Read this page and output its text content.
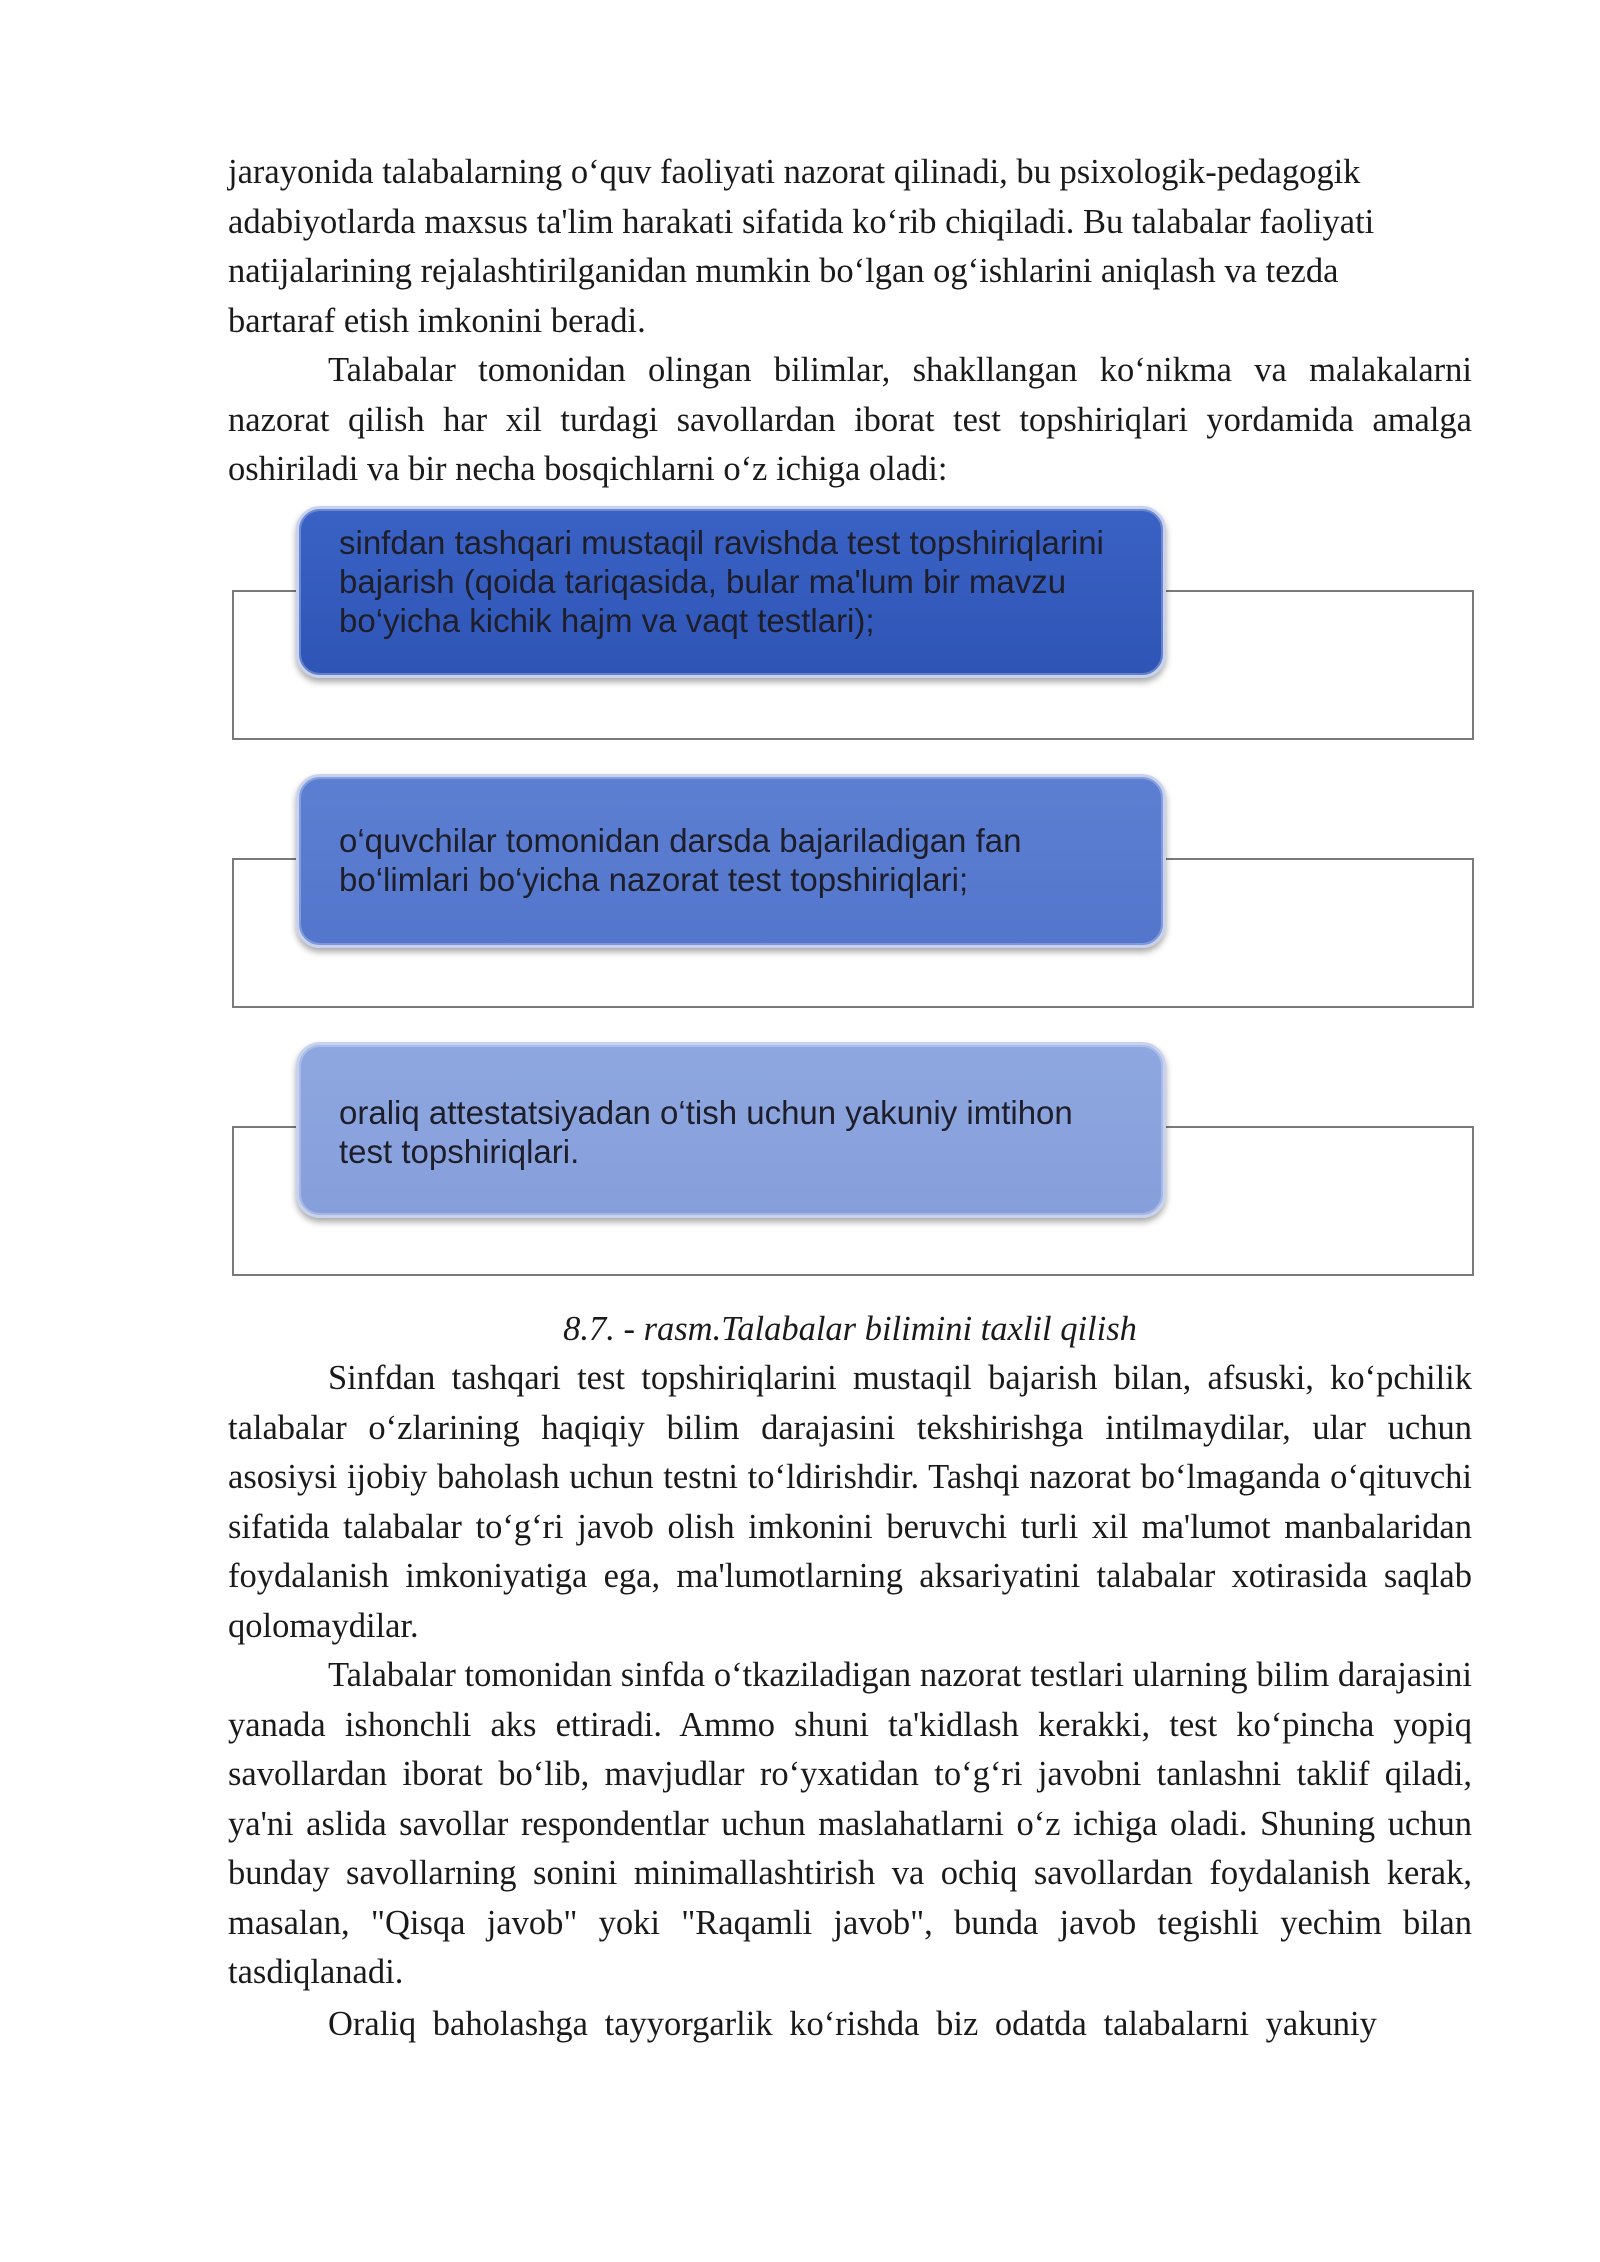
jarayonida talabalarning o‘quv faoliyati nazorat qilinadi, bu psixologik-pedagogik

adabiyotlarda maxsus ta'lim harakati sifatida ko‘rib chiqiladi. Bu talabalar faoliyati

natijalarining rejalashtirilganidan mumkin bo‘lgan og‘ishlarini aniqlash va tezda

bartaraf etish imkonini beradi.

Talabalar tomonidan olingan bilimlar, shakllangan ko‘nikma va malakalarni nazorat qilish har xil turdagi savollardan iborat test topshiriqlari yordamida amalga oshiriladi va bir necha bosqichlarni o‘z ichiga oladi:

sinfdan tashqari mustaqil ravishda test topshiriqlarini bajarish (qoida tariqasida, bular ma'lum bir mavzu bo‘yicha kichik hajm va vaqt testlari);
o‘quvchilar tomonidan darsda bajariladigan fan bo‘limlari bo‘yicha nazorat test topshiriqlari;
oraliq attestatsiyadan o‘tish uchun yakuniy imtihon test topshiriqlari.
8.7. - rasm.Talabalar bilimini taxlil qilish

Sinfdan tashqari test topshiriqlarini mustaqil bajarish bilan, afsuski, ko‘pchilik talabalar o‘zlarining haqiqiy bilim darajasini tekshirishga intilmaydilar, ular uchun asosiysi ijobiy baholash uchun testni to‘ldirishdir. Tashqi nazorat bo‘lmaganda o‘qituvchi sifatida talabalar to‘g‘ri javob olish imkonini beruvchi turli xil ma'lumot manbalaridan foydalanish imkoniyatiga ega, ma'lumotlarning aksariyatini talabalar xotirasida saqlab qolomaydilar.

Talabalar tomonidan sinfda o‘tkaziladigan nazorat testlari ularning bilim darajasini yanada ishonchli aks ettiradi. Ammo shuni ta'kidlash kerakki, test ko‘pincha yopiq savollardan iborat bo‘lib, mavjudlar ro‘yxatidan to‘g‘ri javobni tanlashni taklif qiladi, ya'ni aslida savollar respondentlar uchun maslahatlarni o‘z ichiga oladi. Shuning uchun bunday savollarning sonini minimallashtirish va ochiq savollardan foydalanish kerak, masalan, "Qisqa javob" yoki "Raqamli javob", bunda javob tegishli yechim bilan tasdiqlanadi.

Oraliq baholashga tayyorgarlik ko‘rishda biz odatda talabalarni yakuniy
